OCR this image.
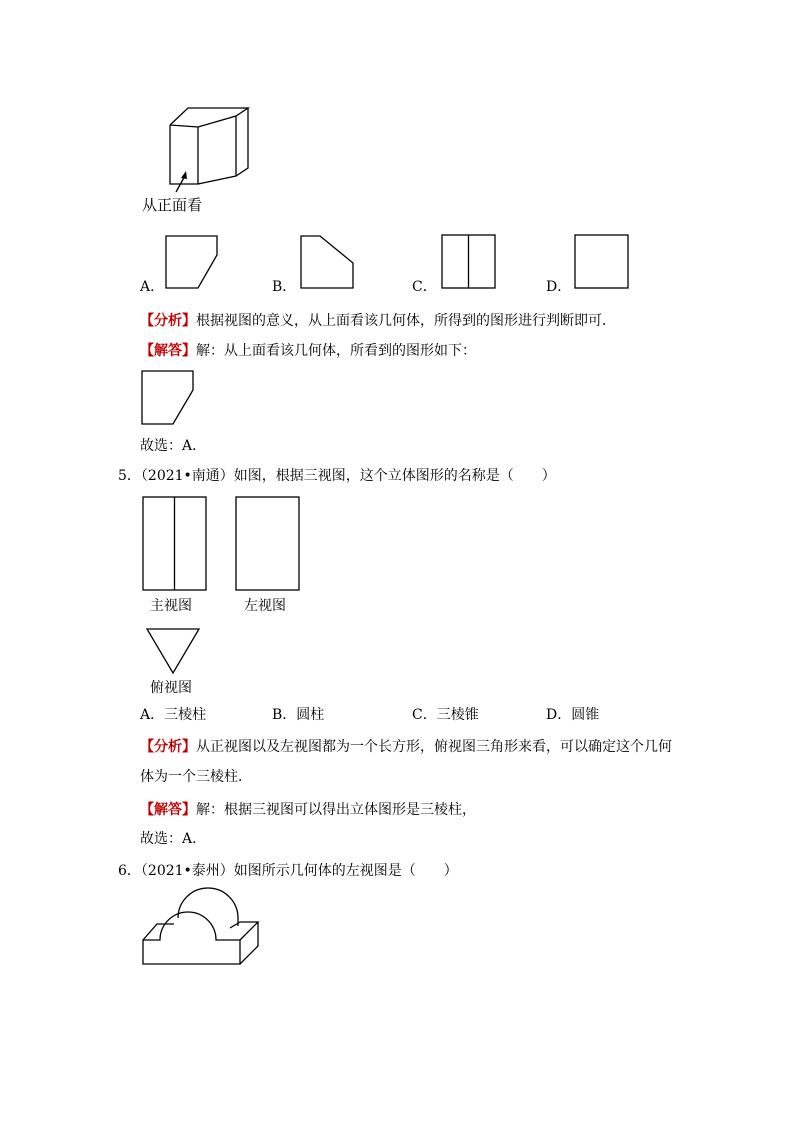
从正面看
A．	B．	C．	D．
【分析】根据视图的意义，从上面看该几何体，所得到的图形进行判断即可．
【解答】解：从上面看该几何体，所看到的图形如下：
故选：A．
5．（2021•南通）如图，根据三视图，这个立体图形的名称是（　　）
主视图	左视图
俯视图
A．三棱柱	B．圆柱	C．三棱锥	D．圆锥
【分析】从正视图以及左视图都为一个长方形，俯视图三角形来看，可以确定这个几何
体为一个三棱柱．
【解答】解：根据三视图可以得出立体图形是三棱柱，
故选：A．
6．（2021•泰州）如图所示几何体的左视图是（　　）
